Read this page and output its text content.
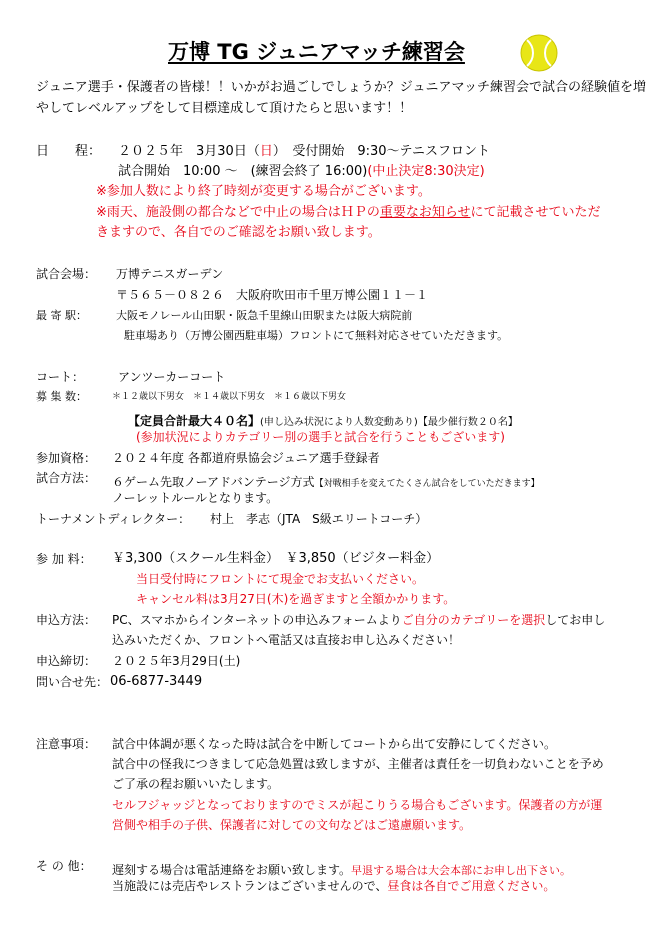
万博 TG ジュニアマッチ練習会
ジュニア選手・保護者の皆様！！いかがお過ごしでしょうか？ジュニアマッチ練習会で試合の経験値を増
やしてレベルアップをして目標達成して頂けたらと思います！！
日　　程： ２０２５年　3月30日（日）　受付開始　9:30～テニスフロント
試合開始　10:00 ～　(練習会終了 16:00)(中止決定8:30決定)
※参加人数により終了時刻が変更する場合がございます。
※雨天、施設側の都合などで中止の場合はＨＰの重要なお知らせにて記載させていただ
きますので、各自でのご確認をお願い致します。
試合会場： 万博テニスガーデン
〒５６５－０８２６　大阪府吹田市千里万博公園１１－１
最 寄 駅：	大阪モノレール山田駅・阪急千里線山田駅または阪大病院前
駐車場あり（万博公園西駐車場）フロントにて無料対応させていただきます。
コート：	アンツーカーコート
募 集 数：	＊１２歳以下男女　＊１４歳以下男女　＊１６歳以下男女
【定員合計最大４０名】(申し込み状況により人数変動あり)【最少催行数２０名】
(参加状況によりカテゴリー別の選手と試合を行うこともございます)
参加資格： ２０２４年度 各都道府県協会ジュニア選手登録者
試合方法： ６ゲーム先取ノーアドバンテージ方式【対戦相手を変えてたくさん試合をしていただきます】
ノーレットルールとなります。
トーナメントディレクター： 村上　孝志（JTA　S級エリートコーチ）
参 加 料： ￥3,300（スクール生料金）　￥3,850（ビジター料金）
当日受付時にフロントにて現金でお支払いください。
キャンセル料は3月27日(木)を過ぎますと全額かかります。
申込方法： PC、スマホからインターネットの申込みフォームよりご自分のカテゴリーを選択してお申し
込みいただくか、フロントへ電話又は直接お申し込みください！
申込締切： ２０２５年3月29日(土)
問い合せ先： 06-6877-3449
注意事項： 試合中体調が悪くなった時は試合を中断してコートから出て安静にしてください。
試合中の怪我につきまして応急処置は致しますが、主催者は責任を一切負わないことを予め
ご了承の程お願いいたします。
セルフジャッジとなっておりますのでミスが起こりうる場合もございます。保護者の方が運
営側や相手の子供、保護者に対しての文句などはご遠慮願います。
そ の 他： 遅刻する場合は電話連絡をお願い致します。早退する場合は大会本部にお申し出下さい。
当施設には売店やレストランはございませんので、昼食は各自でご用意ください。
